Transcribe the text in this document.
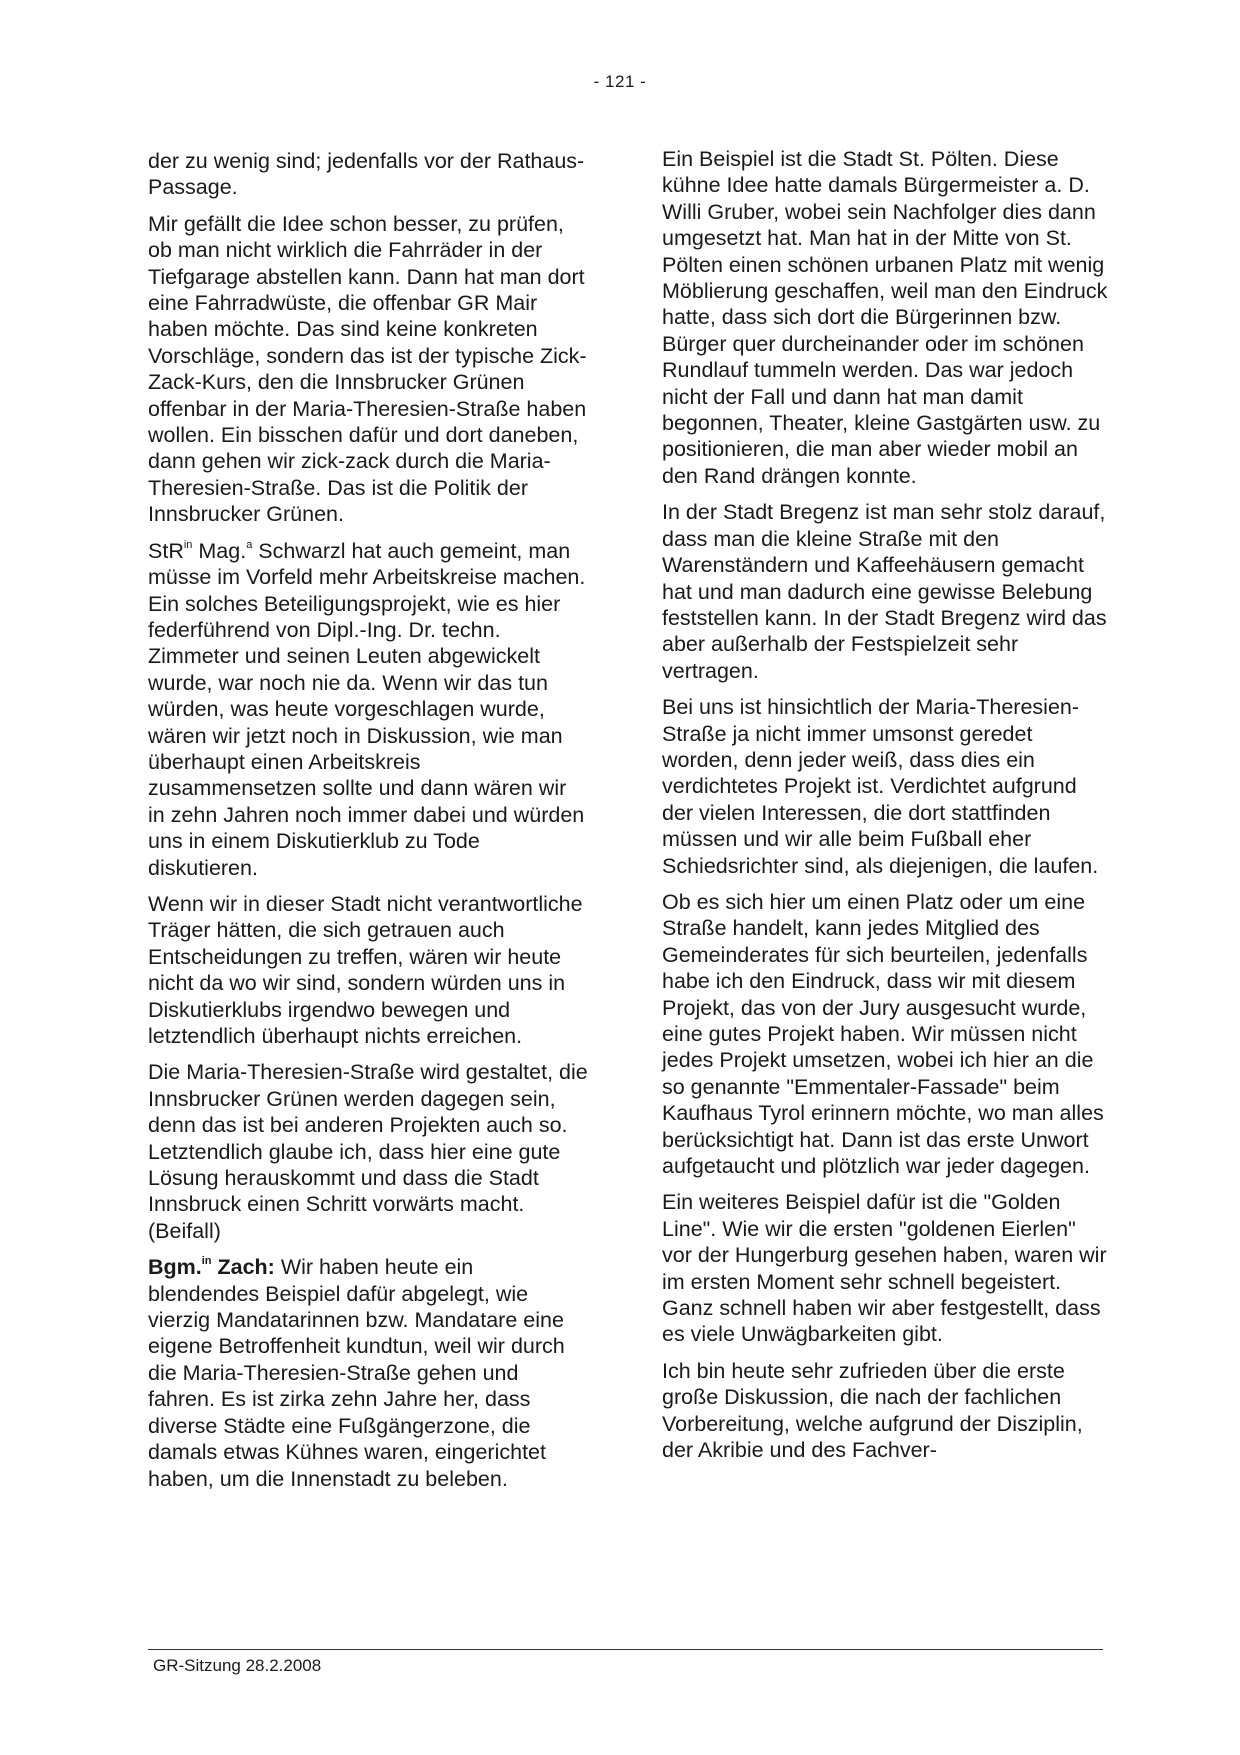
- 121 -

der zu wenig sind; jedenfalls vor der Rathaus-Passage.

Mir gefällt die Idee schon besser, zu prüfen, ob man nicht wirklich die Fahrräder in der Tiefgarage abstellen kann. Dann hat man dort eine Fahrradwüste, die offenbar GR Mair haben möchte. Das sind keine konkreten Vorschläge, sondern das ist der typische Zick-Zack-Kurs, den die Innsbrucker Grünen offenbar in der Maria-Theresien-Straße haben wollen. Ein bisschen dafür und dort daneben, dann gehen wir zick-zack durch die Maria-Theresien-Straße. Das ist die Politik der Innsbrucker Grünen.

StR$^{in}$ Mag.$^a$ Schwarzl hat auch gemeint, man müsse im Vorfeld mehr Arbeitskreise machen. Ein solches Beteiligungsprojekt, wie es hier federführend von Dipl.-Ing. Dr. techn. Zimmeter und seinen Leuten abgewickelt wurde, war noch nie da. Wenn wir das tun würden, was heute vorgeschlagen wurde, wären wir jetzt noch in Diskussion, wie man überhaupt einen Arbeitskreis zusammensetzen sollte und dann wären wir in zehn Jahren noch immer dabei und würden uns in einem Diskutierklub zu Tode diskutieren.

Wenn wir in dieser Stadt nicht verantwortliche Träger hätten, die sich getrauen auch Entscheidungen zu treffen, wären wir heute nicht da wo wir sind, sondern würden uns in Diskutierklubs irgendwo bewegen und letztendlich überhaupt nichts erreichen.

Die Maria-Theresien-Straße wird gestaltet, die Innsbrucker Grünen werden dagegen sein, denn das ist bei anderen Projekten auch so. Letztendlich glaube ich, dass hier eine gute Lösung herauskommt und dass die Stadt Innsbruck einen Schritt vorwärts macht. (Beifall)

Bgm.$^{in}$ Zach: Wir haben heute ein blendendes Beispiel dafür abgelegt, wie vierzig Mandatarinnen bzw. Mandatare eine eigene Betroffenheit kundtun, weil wir durch die Maria-Theresien-Straße gehen und fahren. Es ist zirka zehn Jahre her, dass diverse Städte eine Fußgängerzone, die damals etwas Kühnes waren, eingerichtet haben, um die Innenstadt zu beleben.

Ein Beispiel ist die Stadt St. Pölten. Diese kühne Idee hatte damals Bürgermeister a. D. Willi Gruber, wobei sein Nachfolger dies dann umgesetzt hat. Man hat in der Mitte von St. Pölten einen schönen urbanen Platz mit wenig Möblierung geschaffen, weil man den Eindruck hatte, dass sich dort die Bürgerinnen bzw. Bürger quer durcheinander oder im schönen Rundlauf tummeln werden. Das war jedoch nicht der Fall und dann hat man damit begonnen, Theater, kleine Gastgärten usw. zu positionieren, die man aber wieder mobil an den Rand drängen konnte.

In der Stadt Bregenz ist man sehr stolz darauf, dass man die kleine Straße mit den Warenständern und Kaffeehäusern gemacht hat und man dadurch eine gewisse Belebung feststellen kann. In der Stadt Bregenz wird das aber außerhalb der Festspielzeit sehr vertragen.

Bei uns ist hinsichtlich der Maria-Theresien-Straße ja nicht immer umsonst geredet worden, denn jeder weiß, dass dies ein verdichtetes Projekt ist. Verdichtet aufgrund der vielen Interessen, die dort stattfinden müssen und wir alle beim Fußball eher Schiedsrichter sind, als diejenigen, die laufen.

Ob es sich hier um einen Platz oder um eine Straße handelt, kann jedes Mitglied des Gemeinderates für sich beurteilen, jedenfalls habe ich den Eindruck, dass wir mit diesem Projekt, das von der Jury ausgesucht wurde, eine gutes Projekt haben. Wir müssen nicht jedes Projekt umsetzen, wobei ich hier an die so genannte "Emmentaler-Fassade" beim Kaufhaus Tyrol erinnern möchte, wo man alles berücksichtigt hat. Dann ist das erste Unwort aufgetaucht und plötzlich war jeder dagegen.

Ein weiteres Beispiel dafür ist die "Golden Line". Wie wir die ersten "goldenen Eierlen" vor der Hungerburg gesehen haben, waren wir im ersten Moment sehr schnell begeistert. Ganz schnell haben wir aber festgestellt, dass es viele Unwägbarkeiten gibt.

Ich bin heute sehr zufrieden über die erste große Diskussion, die nach der fachlichen Vorbereitung, welche aufgrund der Disziplin, der Akribie und des Fachver-

GR-Sitzung 28.2.2008
